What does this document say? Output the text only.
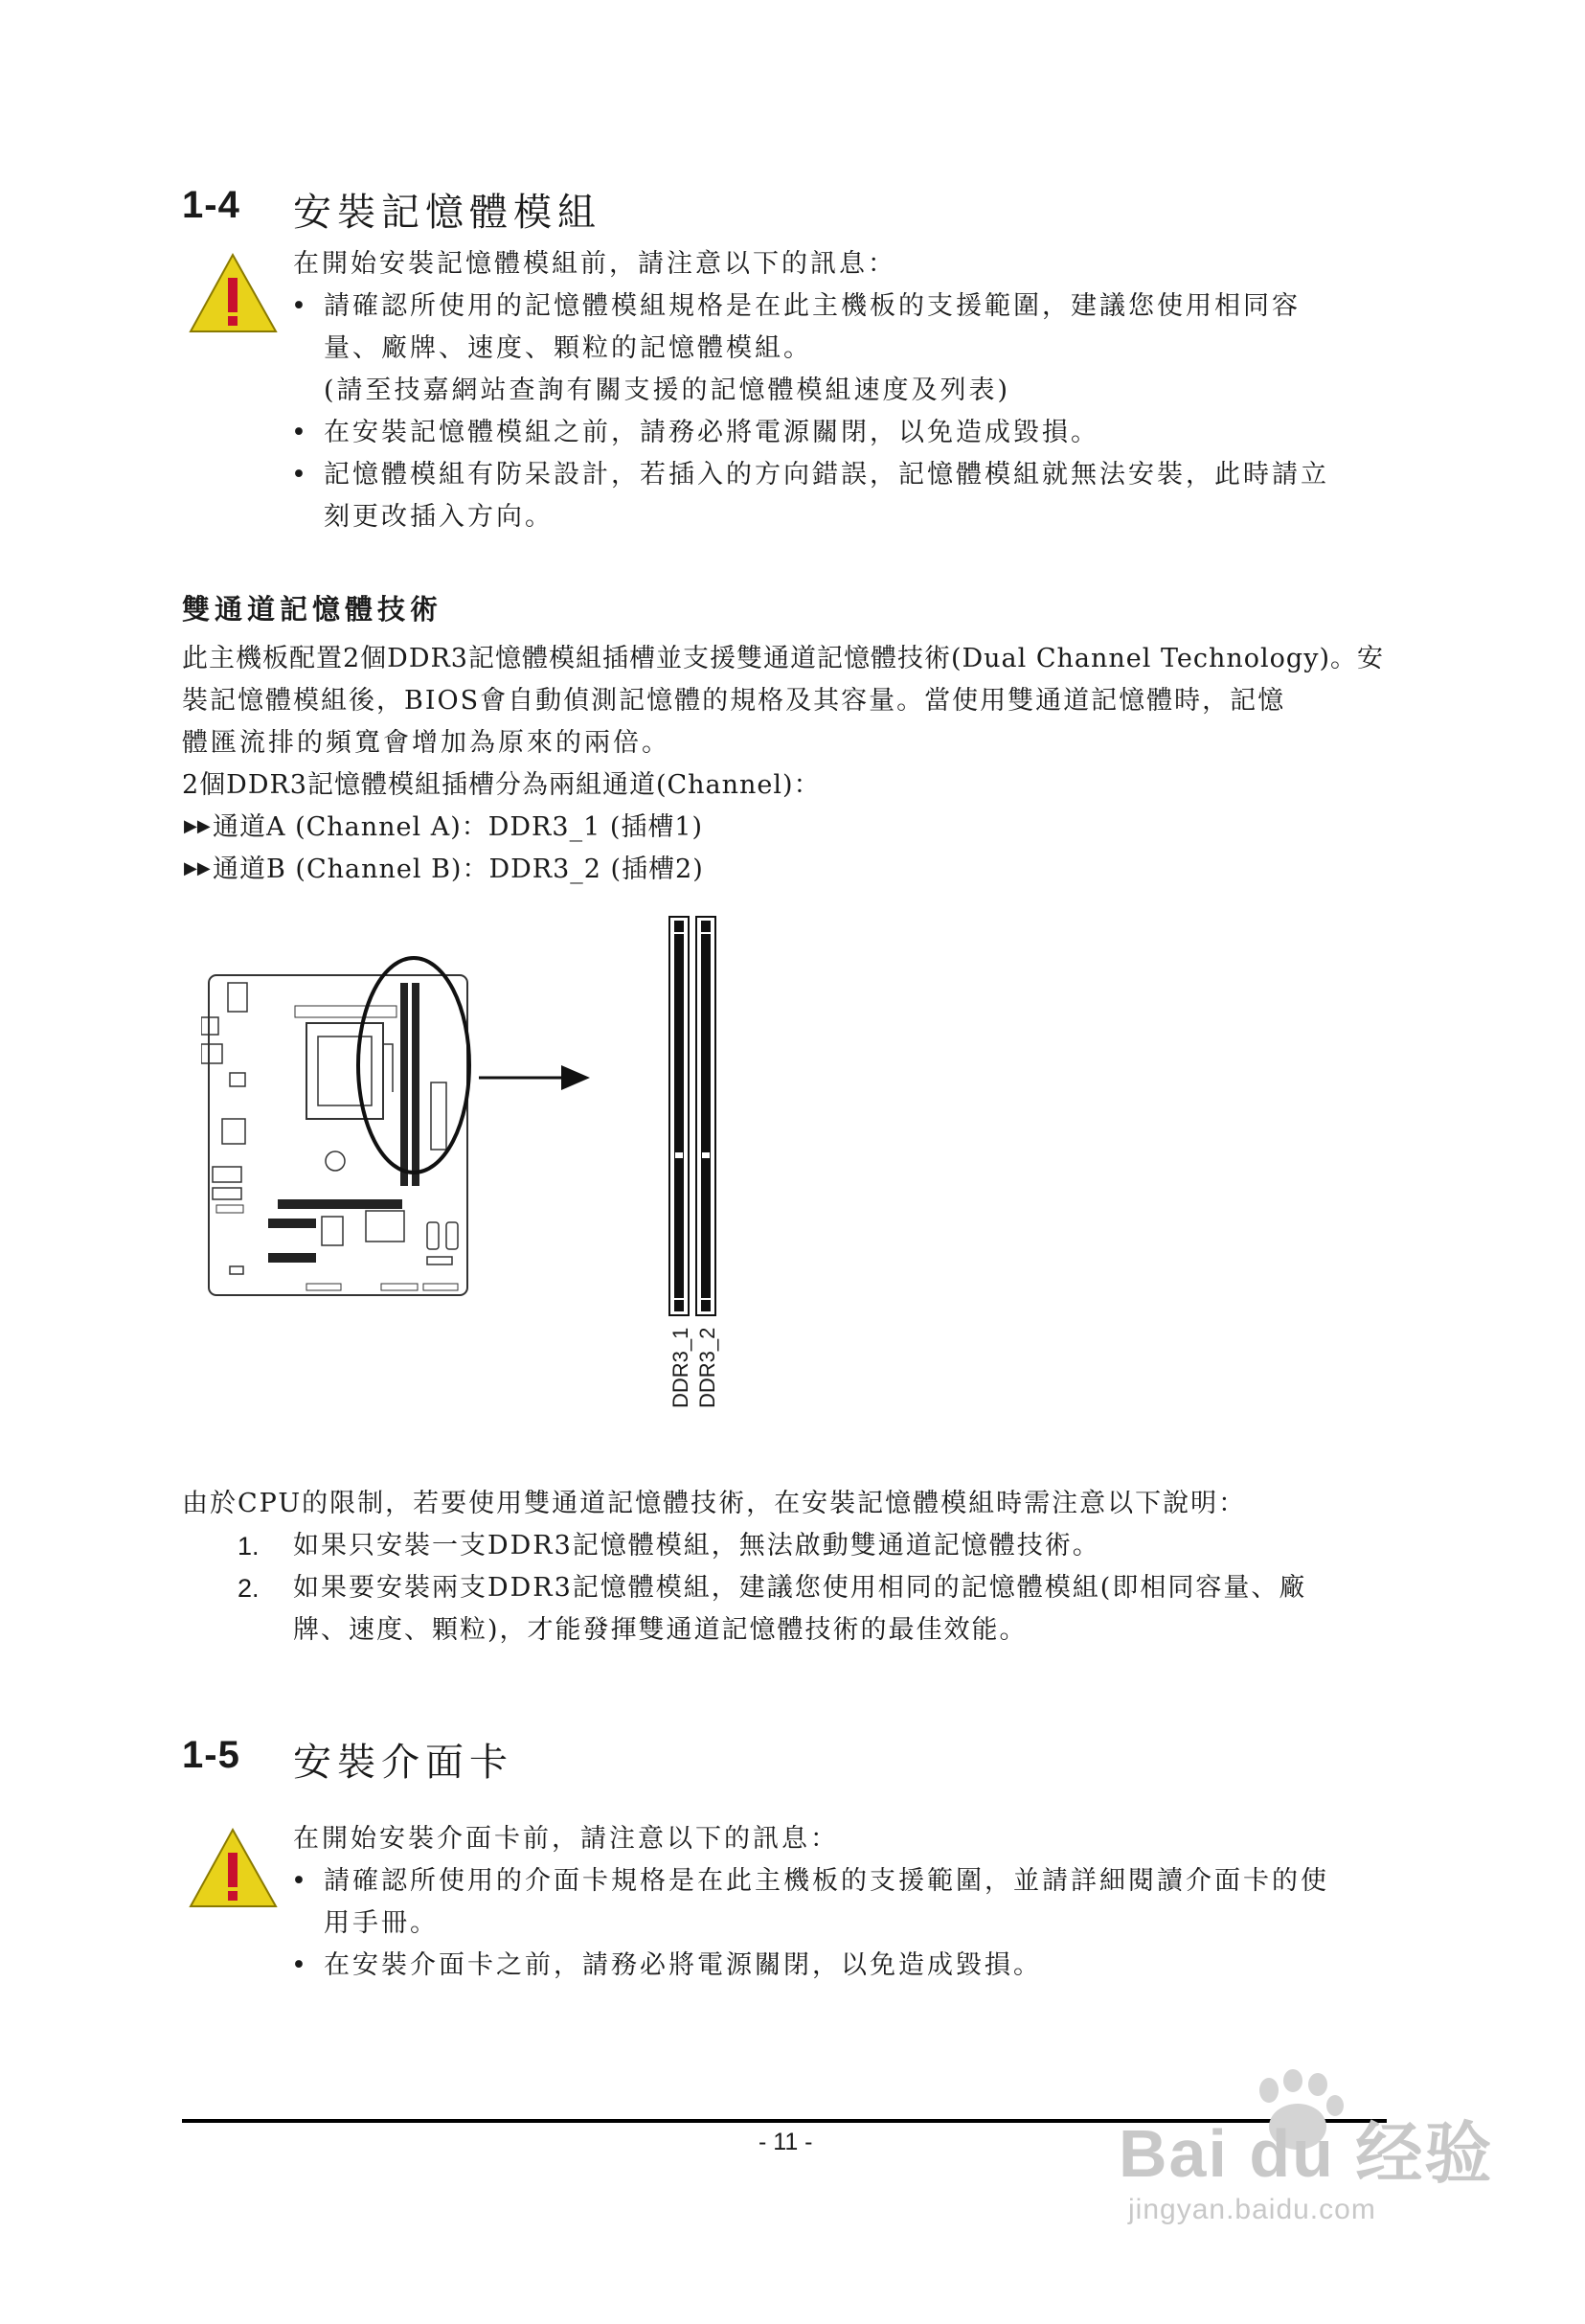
1-4 安裝記憶體模組
在開始安裝記憶體模組前，請注意以下的訊息：
• 請確認所使用的記憶體模組規格是在此主機板的支援範圍，建議您使用相同容
量、廠牌、速度、顆粒的記憶體模組。
(請至技嘉網站查詢有關支援的記憶體模組速度及列表)
• 在安裝記憶體模組之前，請務必將電源關閉，以免造成毀損。
• 記憶體模組有防呆設計，若插入的方向錯誤，記憶體模組就無法安裝，此時請立
刻更改插入方向。
雙通道記憶體技術
此主機板配置2個DDR3記憶體模組插槽並支援雙通道記憶體技術(Dual Channel Technology)。安
裝記憶體模組後，BIOS會自動偵測記憶體的規格及其容量。當使用雙通道記憶體時，記憶
體匯流排的頻寬會增加為原來的兩倍。
2個DDR3記憶體模組插槽分為兩組通道(Channel)：
▶▶ 通道A (Channel A)：DDR3_1 (插槽1)
▶▶ 通道B (Channel B)：DDR3_2 (插槽2)
DDR3_1 DDR3_2
由於CPU的限制，若要使用雙通道記憶體技術，在安裝記憶體模組時需注意以下說明：
1. 如果只安裝一支DDR3記憶體模組，無法啟動雙通道記憶體技術。
2. 如果要安裝兩支DDR3記憶體模組，建議您使用相同的記憶體模組(即相同容量、廠
牌、速度、顆粒)，才能發揮雙通道記憶體技術的最佳效能。
1-5 安裝介面卡
在開始安裝介面卡前，請注意以下的訊息：
• 請確認所使用的介面卡規格是在此主機板的支援範圍，並請詳細閱讀介面卡的使
用手冊。
• 在安裝介面卡之前，請務必將電源關閉，以免造成毀損。
- 11 -	Bai du 经验
jingyan.baidu.com
